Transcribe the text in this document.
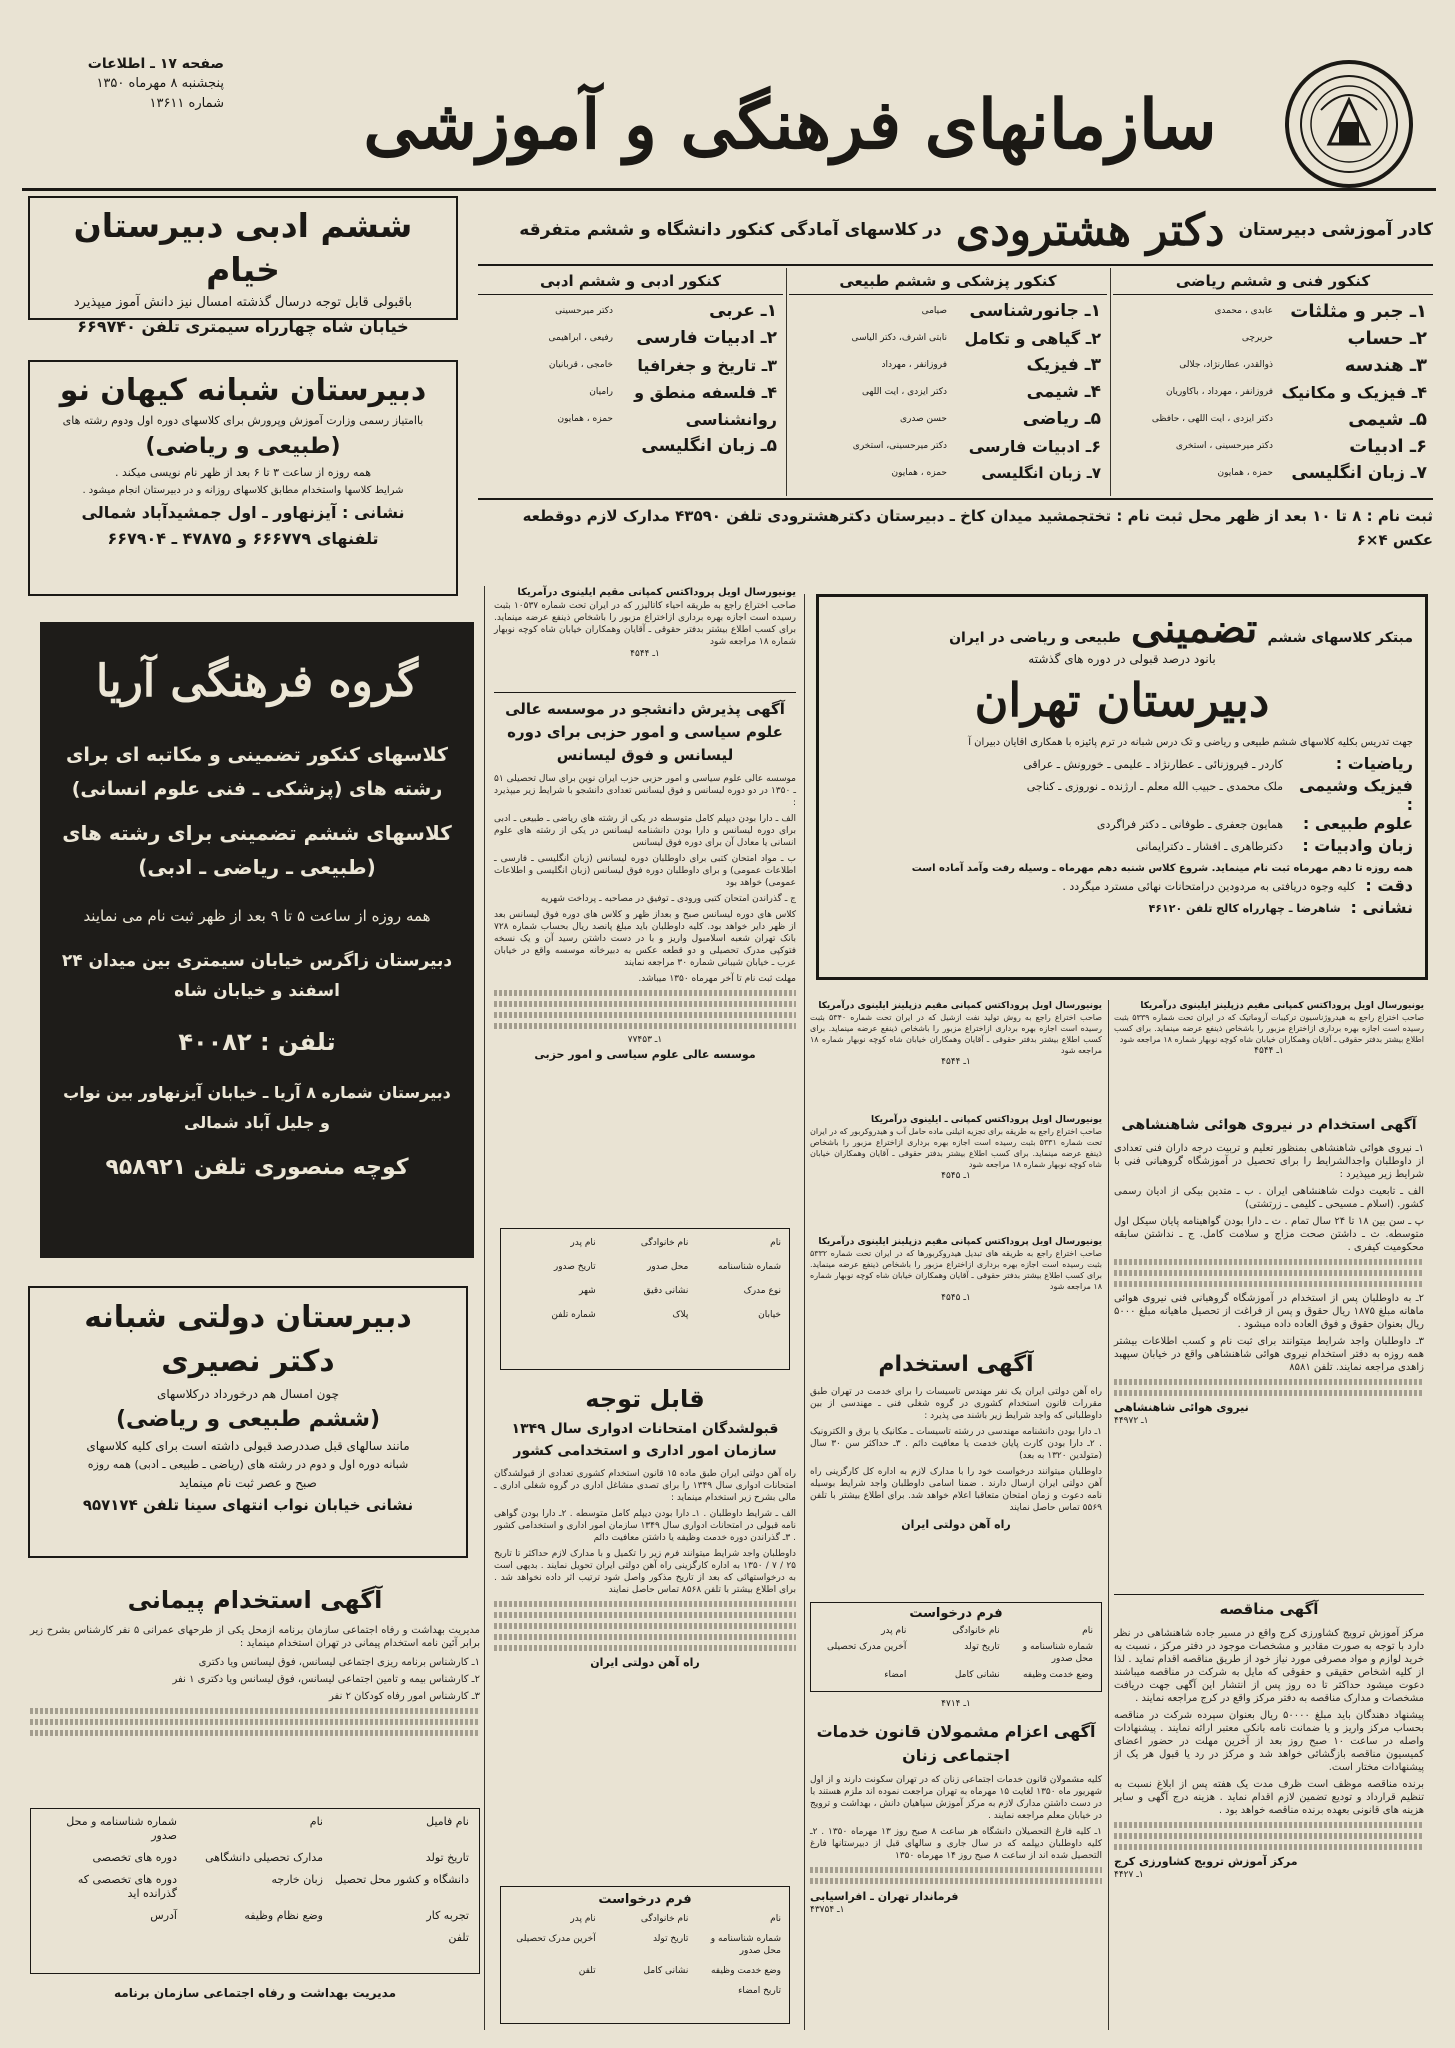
سازمانهای فرهنگی و آموزشی
صفحه ۱۷ ـ اطلاعات
پنجشنبه ۸ مهرماه ۱۳۵۰
شماره ۱۳۶۱۱
ششم ادبی دبیرستان خیام
باقبولی قابل توجه درسال گذشته امسال نیز دانش آموز میپذیرد
خیابان شاه چهارراه سیمتری تلفن ۶۶۹۷۴۰
کادر آموزشی دبیرستان
دکتر هشترودی
در کلاسهای آمادگی کنکور دانشگاه و ششم متفرقه
کنکور فنی و ششم ریاضی
۱ـ جبر و مثلثات
۲ـ حساب
۳ـ هندسه
۴ـ فیزیک و مکانیک
۵ـ شیمی
۶ـ ادبیات
۷ـ زبان انگلیسی
عابدی ، محمدی
حریرچی
ذوالقدر، عطارنژاد، جلالی
فروزانفر ، مهرداد ، باکاوریان
دکتر ایزدی ، ایت اللهی ، حافظی
دکتر میرحسینی ، استخری
حمزه ، همایون
کنکور پزشکی و ششم طبیعی
۱ـ جانورشناسی
۲ـ گیاهی و تکامل
۳ـ فیزیک
۴ـ شیمی
۵ـ ریاضی
۶ـ ادبیات فارسی
۷ـ زبان انگلیسی
صیامی
نابتی اشرف، دکتر الیاسی
فروزانفر ، مهرداد
دکتر ایزدی ، ایت اللهی
حسن صدری
دکتر میرحسینی، استخری
حمزه ، همایون
کنکور ادبی و ششم ادبی
۱ـ عربی
۲ـ ادبیات فارسی
۳ـ تاریخ و جغرافیا
۴ـ فلسفه منطق و روانشناسی
۵ـ زبان انگلیسی
دکتر میرحسینی
رفیعی ، ابراهیمی
خامجی ، قربانیان
رامیان
حمزه ، همایون
ثبت نام : ۸ تا ۱۰ بعد از ظهر محل ثبت نام : تختجمشید میدان کاخ ـ دبیرستان دکترهشترودی تلفن ۴۳۵۹۰ مدارک لازم دوقطعه عکس ۴×۶
دبیرستان شبانه کیهان نو
باامتیاز رسمی وزارت آموزش وپرورش برای کلاسهای دوره اول ودوم رشته های
(طبیعی و ریاضی)
همه روزه از ساعت ۳ تا ۶ بعد از ظهر نام نویسی میکند .
شرایط کلاسها واستخدام مطابق کلاسهای روزانه و در دبیرستان انجام میشود .
نشانی : آیزنهاور ـ اول جمشیدآباد شمالی
تلفنهای ۶۶۶۷۷۹ و ۴۷۸۷۵ ـ ۶۶۷۹۰۴
گروه فرهنگی آریا
کلاسهای کنکور تضمینی و مکاتبه ای برای رشته های (پزشکی ـ فنی علوم انسانی)
کلاسهای ششم تضمینی برای رشته های (طبیعی ـ ریاضی ـ ادبی)
همه روزه از ساعت ۵ تا ۹ بعد از ظهر ثبت نام می نمایند
دبیرستان زاگرس خیابان سیمتری بین میدان ۲۴ اسفند و خیابان شاه
تلفن : ۴۰۰۸۲
دبیرستان شماره ۸ آریا ـ خیابان آیزنهاور بین نواب و جلیل آباد شمالی
کوچه منصوری تلفن ۹۵۸۹۲۱
دبیرستان دولتی شبانه
دکتر نصیری
چون امسال هم درخورداد درکلاسهای
(ششم طبیعی و ریاضی)
مانند سالهای قبل صددرصد قبولی داشته است برای کلیه کلاسهای
شبانه دوره اول و دوم در رشته های (ریاضی ـ طبیعی ـ ادبی) همه روزه
صبح و عصر ثبت نام مینماید
نشانی خیابان نواب انتهای سینا تلفن ۹۵۷۱۷۴
آگهی استخدام پیمانی
مدیریت بهداشت و رفاه اجتماعی سازمان برنامه ازمحل یکی از طرحهای عمرانی ۵ نفر کارشناس بشرح زیر برابر آئین نامه استخدام پیمانی در تهران استخدام مینماید :
۱ـ کارشناس برنامه ریزی اجتماعی لیسانس، فوق لیسانس ویا دکتری
۲ـ کارشناس بیمه و تامین اجتماعی لیسانس، فوق لیسانس ویا دکتری ۱ نفر
۳ـ کارشناس امور رفاه کودکان ۲ نفر
نام فامیل
نام
شماره شناسنامه و محل صدور
تاریخ تولد
مدارک تحصیلی دانشگاهی
دوره های تخصصی
دانشگاه و کشور محل تحصیل
زبان خارجه
دوره های تخصصی که گذرانده اید
تجربه کار
وضع نظام وظیفه
آدرس
تلفن
مدیریت بهداشت و رفاه اجتماعی سازمان برنامه
یونیورسال اویل پروداکتس کمپانی مقیم ایلینوی درآمریکا
صاحب اختراع راجع به طریقه احیاء کاتالیزر که در ایران تحت شماره ۱۰۵۳۷ بثبت رسیده است اجازه بهره برداری ازاختراع مزبور را باشخاص ذینفع عرضه مینماید. برای کسب اطلاع بیشتر بدفتر حقوقی ـ آقایان وهمکاران خیابان شاه کوچه نوبهار شماره ۱۸ مراجعه شود
۱ـ ۴۵۴۴
آگهی پذیرش دانشجو در موسسه عالی علوم سیاسی و امور حزبی برای دوره لیسانس و فوق لیسانس
موسسه عالی علوم سیاسی و امور حزبی حزب ایران نوین برای سال تحصیلی ۵۱ ـ ۱۳۵۰ در دو دوره لیسانس و فوق لیسانس تعدادی دانشجو با شرایط زیر میپذیرد :
الف ـ دارا بودن دیپلم کامل متوسطه در یکی از رشته های ریاضی ـ طبیعی ـ ادبی برای دوره لیسانس و دارا بودن دانشنامه لیسانس در یکی از رشته های علوم انسانی یا معادل آن برای دوره فوق لیسانس
ب ـ مواد امتحان کتبی برای داوطلبان دوره لیسانس (زبان انگلیسی ـ فارسی ـ اطلاعات عمومی) و برای داوطلبان دوره فوق لیسانس (زبان انگلیسی و اطلاعات عمومی) خواهد بود
ج ـ گذراندن امتحان کتبی ورودی ـ توفیق در مصاحبه ـ پرداخت شهریه
کلاس های دوره لیسانس صبح و بعداز ظهر و کلاس های دوره فوق لیسانس بعد از ظهر دایر خواهد بود. کلیه داوطلبان باید مبلغ پانصد ریال بحساب شماره ۷۲۸ بانک تهران شعبه اسلامبول واریز و با در دست داشتن رسید آن و یک نسخه فتوکپی مدرک تحصیلی و دو قطعه عکس به دبیرخانه موسسه واقع در خیابان عرب ـ خیابان شیبانی شماره ۳۰ مراجعه نمایند
مهلت ثبت نام تا آخر مهرماه ۱۳۵۰ میباشد.
۱ـ ۷۷۴۵۳
موسسه عالی علوم سیاسی و امور حزبی
نام
نام خانوادگی
نام پدر
شماره شناسنامه
محل صدور
تاریخ صدور
نوع مدرک
نشانی دقیق
شهر
خیابان
پلاک
شماره تلفن
مبتکر کلاسهای ششم
تضمینی
طبیعی و ریاضی در ایران
بانود درصد قبولی در دوره های گذشته
دبیرستان تهران
جهت تدریس بکلیه کلاسهای ششم طبیعی و ریاضی و تک درس شبانه در ترم پائیزه با همکاری اقایان دبیران آ
ریاضیات :
کاردر ـ فیروزنائی ـ عطارنژاد ـ علیمی ـ خورونش ـ عراقی
فیزیک وشیمی :
ملک محمدی ـ حبیب الله معلم ـ ارژنده ـ نوروزی ـ کناجی
علوم طبیعی :
همایون جعفری ـ طوفانی ـ دکتر فراگردی
زبان وادبیات :
دکترطاهری ـ افشار ـ دکترایمانی
همه روزه تا دهم مهرماه ثبت نام مینماید. شروع کلاس شنبه دهم مهرماه ـ وسیله رفت وآمد آماده است
دقت :
کلیه وجوه دریافتی به مردودین درامتحانات نهائی مسترد میگردد .
نشانی :
شاهرضا ـ چهارراه کالج تلفن ۴۶۱۲۰
یونیورسال اویل پروداکتس کمپانی مقیم دزپلینز ایلینوی درآمریکا
صاحب اختراع راجع به هیدروژناسیون ترکیبات آروماتیک که در ایران تحت شماره ۵۳۳۹ بثبت رسیده است اجازه بهره برداری ازاختراع مزبور را باشخاص ذینفع عرضه مینماید. برای کسب اطلاع بیشتر بدفتر حقوقی ـ آقایان وهمکاران خیابان شاه کوچه نوبهار شماره ۱۸ مراجعه شود
۱ـ ۴۵۴۴
یونیورسال اویل پروداکتس کمپانی مقیم دزپلینز ایلینوی درآمریکا
صاحب اختراع راجع به روش تولید نفت ازشیل که در ایران تحت شماره ۵۳۴۰ بثبت رسیده است اجازه بهره برداری ازاختراع مزبور را باشخاص ذینفع عرضه مینماید. برای کسب اطلاع بیشتر بدفتر حقوقی ـ آقایان وهمکاران خیابان شاه کوچه نوبهار شماره ۱۸ مراجعه شود
۱ـ ۴۵۴۴
یونیورسال اویل پروداکتس کمپانی ـ ایلینوی درآمریکا
صاحب اختراع راجع به طریقه برای تجزیه اتیلنی ماده حامل آب و هیدروکربور که در ایران تحت شماره ۵۳۳۱ بثبت رسیده است اجازه بهره برداری ازاختراع مزبور را باشخاص ذینفع عرضه مینماید. برای کسب اطلاع بیشتر بدفتر حقوقی ـ آقایان وهمکاران خیابان شاه کوچه نوبهار شماره ۱۸ مراجعه شود
۱ـ ۴۵۴۵
یونیورسال اویل پروداکتس کمپانی مقیم دزپلینز ایلینوی درآمریکا
صاحب اختراع راجع به طریقه های تبدیل هیدروکربورها که در ایران تحت شماره ۵۳۳۲ بثبت رسیده است اجازه بهره برداری ازاختراع مزبور را باشخاص ذینفع عرضه مینماید. برای کسب اطلاع بیشتر بدفتر حقوقی ـ آقایان وهمکاران خیابان شاه کوچه نوبهار شماره ۱۸ مراجعه شود
۱ـ ۴۵۴۵
آگهی استخدام در نیروی هوائی شاهنشاهی
۱ـ نیروی هوائی شاهنشاهی بمنظور تعلیم و تربیت درجه داران فنی تعدادی از داوطلبان واجدالشرایط را برای تحصیل در آموزشگاه گروهبانی فنی با شرایط زیر میپذیرد :
الف ـ تابعیت دولت شاهنشاهی ایران . ب ـ متدین بیکی از ادیان رسمی کشور. (اسلام ـ مسیحی ـ کلیمی ـ زرتشتی)
پ ـ سن بین ۱۸ تا ۲۴ سال تمام . ت ـ دارا بودن گواهینامه پایان سیکل اول متوسطه. ث ـ داشتن صحت مزاج و سلامت کامل. ج ـ نداشتن سابقه محکومیت کیفری .
۲ـ به داوطلبان پس از استخدام در آموزشگاه گروهبانی فنی نیروی هوائی ماهانه مبلغ ۱۸۷۵ ریال حقوق و پس از فراغت از تحصیل ماهیانه مبلغ ۵۰۰۰ ریال بعنوان حقوق و فوق العاده داده میشود .
۳ـ داوطلبان واجد شرایط میتوانند برای ثبت نام و کسب اطلاعات بیشتر همه روزه به دفتر استخدام نیروی هوائی شاهنشاهی واقع در خیابان سپهبد زاهدی مراجعه نمایند. تلفن ۸۵۸۱
نیروی هوائی شاهنشاهی
۱ـ ۴۴۹۷۲
آگهی استخدام
راه آهن دولتی ایران یک نفر مهندس تاسیسات را برای خدمت در تهران طبق مقررات قانون استخدام کشوری در گروه شغلی فنی ـ مهندسی از بین داوطلبانی که واجد شرایط زیر باشند می پذیرد :
۱ـ دارا بودن دانشنامه مهندسی در رشته تاسیسات ـ مکانیک یا برق و الکترونیک . ۲ـ دارا بودن کارت پایان خدمت یا معافیت دائم . ۳ـ حداکثر سن ۳۰ سال (متولدین ۱۳۲۰ به بعد)
داوطلبان میتوانند درخواست خود را با مدارک لازم به اداره کل کارگزینی راه آهن دولتی ایران ارسال دارند . ضمنا اسامی داوطلبان واجد شرایط بوسیله نامه دعوت و زمان امتحان متعاقبا اعلام خواهد شد. برای اطلاع بیشتر با تلفن ۵۵۶۹ تماس حاصل نمایند
راه آهن دولتی ایران
فرم درخواست
نام
نام خانوادگی
نام پدر
شماره شناسنامه و محل صدور
تاریخ تولد
آخرین مدرک تحصیلی
وضع خدمت وظیفه
نشانی کامل
امضاء
۱ـ ۴۷۱۴
قابل توجه
قبولشدگان امتحانات ادواری سال ۱۳۴۹
سازمان امور اداری و استخدامی کشور
راه آهن دولتی ایران طبق ماده ۱۵ قانون استخدام کشوری تعدادی از قبولشدگان امتحانات ادواری سال ۱۳۴۹ را برای تصدی مشاغل اداری در گروه شغلی اداری ـ مالی بشرح زیر استخدام مینماید :
الف ـ شرایط داوطلبان . ۱ـ دارا بودن دیپلم کامل متوسطه . ۲ـ دارا بودن گواهی نامه قبولی در امتحانات ادواری سال ۱۳۴۹ سازمان امور اداری و استخدامی کشور . ۳ـ گذراندن دوره خدمت وظیفه یا داشتن معافیت دائم
داوطلبان واجد شرایط میتوانند فرم زیر را تکمیل و با مدارک لازم حداکثر تا تاریخ ۲۵ / ۷ / ۱۳۵۰ به اداره کارگزینی راه آهن دولتی ایران تحویل نمایند . بدیهی است به درخواستهائی که بعد از تاریخ مذکور واصل شود ترتیب اثر داده نخواهد شد . برای اطلاع بیشتر با تلفن ۸۵۶۸ تماس حاصل نمایند
راه آهن دولتی ایران
فرم درخواست
نام
نام خانوادگی
نام پدر
شماره شناسنامه و محل صدور
تاریخ تولد
آخرین مدرک تحصیلی
وضع خدمت وظیفه
نشانی کامل
تلفن
تاریخ امضاء
آگهی اعزام مشمولان قانون خدمات اجتماعی زنان
کلیه مشمولان قانون خدمات اجتماعی زنان که در تهران سکونت دارند و از اول شهریور ماه ۱۳۵۰ لغایت ۱۵ مهرماه به تهران مراجعت نموده اند ملزم هستند با در دست داشتن مدارک لازم به مرکز آموزش سپاهیان دانش ، بهداشت و ترویج در خیابان معلم مراجعه نمایند .
۱ـ کلیه فارغ التحصیلان دانشگاه هر ساعت ۸ صبح روز ۱۳ مهرماه ۱۳۵۰ . ۲ـ کلیه داوطلبان دیپلمه که در سال جاری و سالهای قبل از دبیرستانها فارغ التحصیل شده اند از ساعت ۸ صبح روز ۱۴ مهرماه ۱۳۵۰
فرماندار تهران ـ افراسیابی
۱ـ ۴۳۷۵۴
آگهی مناقصه
مرکز آموزش ترویج کشاورزی کرج واقع در مسیر جاده شاهنشاهی در نظر دارد با توجه به صورت مقادیر و مشخصات موجود در دفتر مرکز ، نسبت به خرید لوازم و مواد مصرفی مورد نیاز خود از طریق مناقصه اقدام نماید . لذا از کلیه اشخاص حقیقی و حقوقی که مایل به شرکت در مناقصه میباشند دعوت میشود حداکثر تا ده روز پس از انتشار این آگهی جهت دریافت مشخصات و مدارک مناقصه به دفتر مرکز واقع در کرج مراجعه نمایند .
پیشنهاد دهندگان باید مبلغ ۵۰۰۰۰ ریال بعنوان سپرده شرکت در مناقصه بحساب مرکز واریز و یا ضمانت نامه بانکی معتبر ارائه نمایند . پیشنهادات واصله در ساعت ۱۰ صبح روز بعد از آخرین مهلت در حضور اعضای کمیسیون مناقصه بازگشائی خواهد شد و مرکز در رد یا قبول هر یک از پیشنهادات مختار است.
برنده مناقصه موظف است ظرف مدت یک هفته پس از ابلاغ نسبت به تنظیم قرارداد و تودیع تضمین لازم اقدام نماید . هزینه درج آگهی و سایر هزینه های قانونی بعهده برنده مناقصه خواهد بود .
مرکز آموزش ترویج کشاورزی کرج
۱ـ ۴۴۲۷
